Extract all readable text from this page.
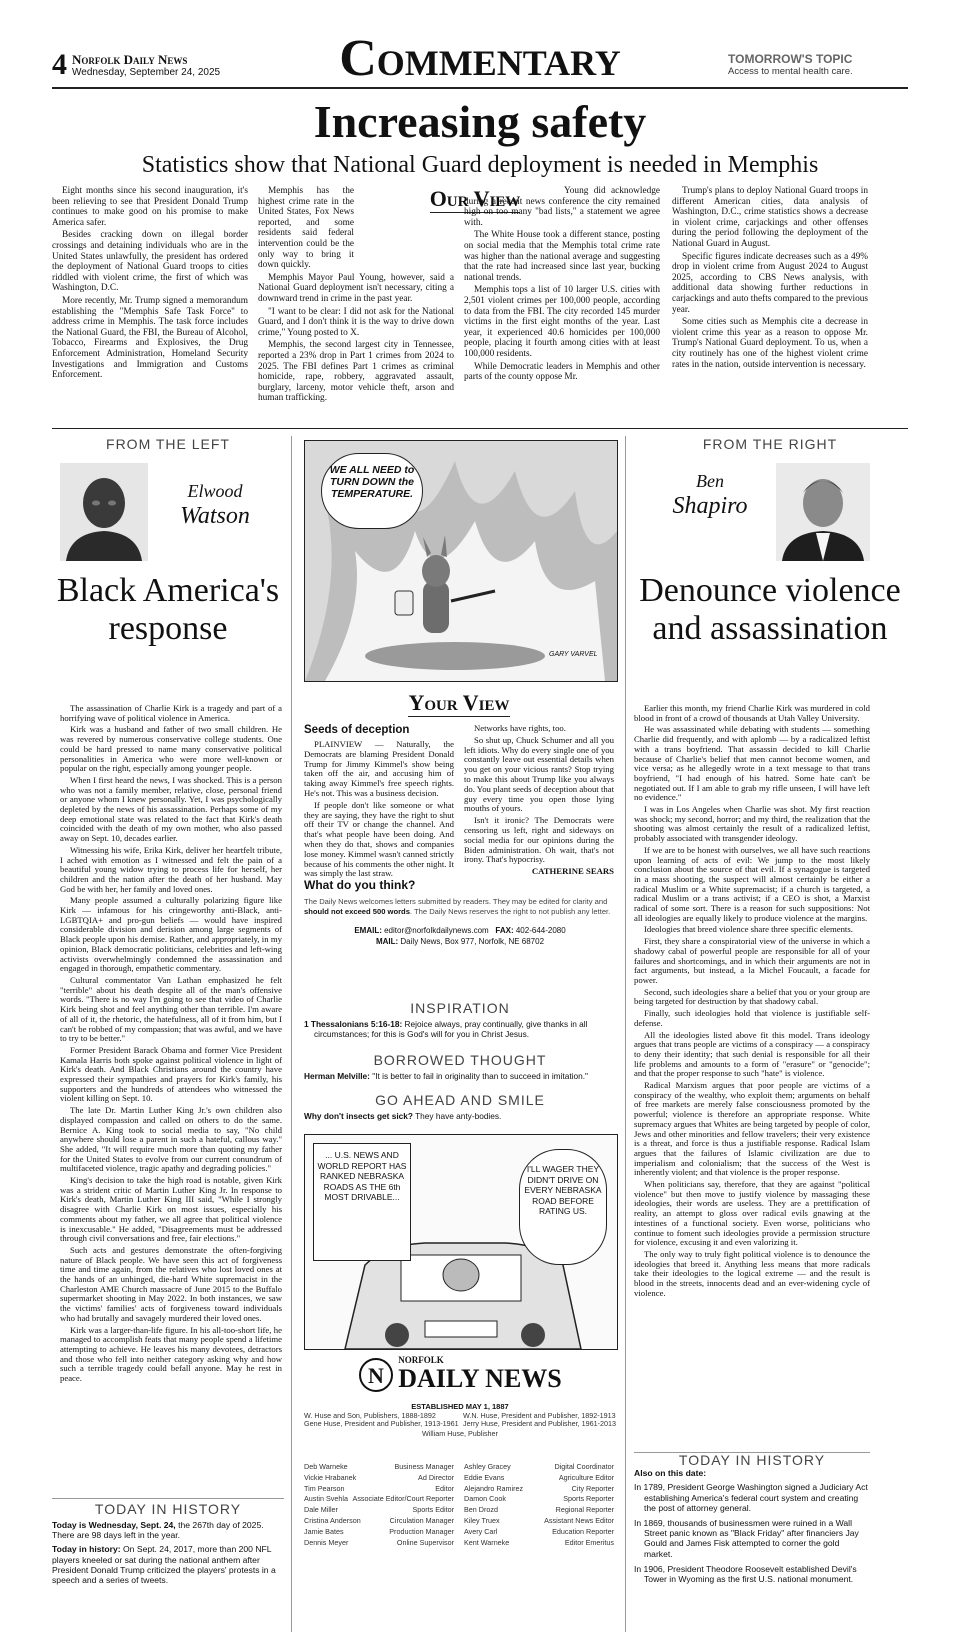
4 Norfolk Daily News
Wednesday, September 24, 2025	Commentary	TOMORROW'S TOPIC
Access to mental health care.
Increasing safety
Statistics show that National Guard deployment is needed in Memphis

Eight months since his second inauguration, it's been relieving to see that President Donald Trump continues to make good on his promise to make America safer.

Besides cracking down on illegal border crossings and detaining individuals who are in the United States unlawfully, the president has ordered the deployment of National Guard troops to cities riddled with violent crime, the first of which was Washington, D.C.

More recently, Mr. Trump signed a memorandum establishing the "Memphis Safe Task Force" to address crime in Memphis. The task force includes the National Guard, the FBI, the Bureau of Alcohol, Tobacco, Firearms and Explosives, the Drug Enforcement Administration, Homeland Security Investigations and Immigration and Customs Enforcement.

Memphis has the highest crime rate in the United States, Fox News reported, and some residents said federal intervention could be the only way to bring it down quickly.

Memphis Mayor Paul Young, however, said a National Guard deployment isn't necessary, citing a downward trend in crime in the past year.

"I want to be clear: I did not ask for the National Guard, and I don't think it is the way to drive down crime," Young posted to X.

Memphis, the second largest city in Tennessee, reported a 23% drop in Part 1 crimes from 2024 to 2025. The FBI defines Part 1 crimes as criminal homicide, rape, robbery, aggravated assault, burglary, larceny, motor vehicle theft, arson and human trafficking.

Our View	Young did acknowledge during a recent news conference the city remained high on too many "bad lists," a statement we agree with.

The White House took a different stance, posting on social media that the Memphis total crime rate was higher than the national average and suggesting that the rate had increased since last year, bucking national trends.

Memphis tops a list of 10 larger U.S. cities with 2,501 violent crimes per 100,000 people, according to data from the FBI. The city recorded 145 murder victims in the first eight months of the year. Last year, it experienced 40.6 homicides per 100,000 people, placing it fourth among cities with at least 100,000 residents.

While Democratic leaders in Memphis and other parts of the county oppose Mr.

Trump's plans to deploy National Guard troops in different American cities, data analysis of Washington, D.C., crime statistics shows a decrease in violent crime, carjackings and other offenses during the period following the deployment of the National Guard in August.

Specific figures indicate decreases such as a 49% drop in violent crime from August 2024 to August 2025, according to CBS News analysis, with additional data showing further reductions in carjackings and auto thefts compared to the previous year.

Some cities such as Memphis cite a decrease in violent crime this year as a reason to oppose Mr. Trump's National Guard deployment. To us, when a city routinely has one of the highest violent crime rates in the nation, outside intervention is necessary.

FROM THE LEFT
Elwood
Watson
Black America's response

The assassination of Charlie Kirk is a tragedy and part of a horrifying wave of political violence in America.

Kirk was a husband and father of two small children. He was revered by numerous conservative college students. One could be hard pressed to name many conservative political personalities in America who were more well-known or popular on the right, especially among younger people.

When I first heard the news, I was shocked. This is a person who was not a family member, relative, close, personal friend or anyone whom I knew personally. Yet, I was psychologically depleted by the news of his assassination. Perhaps some of my deep emotional state was related to the fact that Kirk's death coincided with the death of my own mother, who also passed away on Sept. 10, decades earlier.

Witnessing his wife, Erika Kirk, deliver her heartfelt tribute, I ached with emotion as I witnessed and felt the pain of a beautiful young widow trying to process life for herself, her children and the nation after the death of her husband. May God be with her, her family and loved ones.

Many people assumed a culturally polarizing figure like Kirk — infamous for his cringeworthy anti-Black, anti-LGBTQIA+ and pro-gun beliefs — would have inspired considerable division and derision among large segments of Black people upon his demise. Rather, and appropriately, in my opinion, Black democratic politicians, celebrities and left-wing activists overwhelmingly condemned the assassination and engaged in thorough, empathetic commentary.

Cultural commentator Van Lathan emphasized he felt "terrible" about his death despite all of the man's offensive words. "There is no way I'm going to see that video of Charlie Kirk being shot and feel anything other than terrible. I'm aware of all of it, the rhetoric, the hatefulness, all of it from him, but I can't be robbed of my compassion; that was awful, and we have to try to be better."

Former President Barack Obama and former Vice President Kamala Harris both spoke against political violence in light of Kirk's death. And Black Christians around the country have expressed their sympathies and prayers for Kirk's family, his supporters and the hundreds of attendees who witnessed the violent killing on Sept. 10.

The late Dr. Martin Luther King Jr.'s own children also displayed compassion and called on others to do the same. Bernice A. King took to social media to say, "No child anywhere should lose a parent in such a hateful, callous way." She added, "It will require much more than quoting my father for the United States to evolve from our current conundrum of multifaceted violence, tragic apathy and degrading policies."

King's decision to take the high road is notable, given Kirk was a strident critic of Martin Luther King Jr. In response to Kirk's death, Martin Luther King III said, "While I strongly disagree with Charlie Kirk on most issues, especially his comments about my father, we all agree that political violence is inexcusable." He added, "Disagreements must be addressed through civil conversations and free, fair elections."

Such acts and gestures demonstrate the often-forgiving nature of Black people. We have seen this act of forgiveness time and time again, from the relatives who lost loved ones at the hands of an unhinged, die-hard White supremacist in the Charleston AME Church massacre of June 2015 to the Buffalo supermarket shooting in May 2022. In both instances, we saw the victims' families' acts of forgiveness toward individuals who had brutally and savagely murdered their loved ones.

Kirk was a larger-than-life figure. In his all-too-short life, he managed to accomplish feats that many people spend a lifetime attempting to achieve. He leaves his many devotees, detractors and those who fell into neither category asking why and how such a terrible tragedy could befall anyone. May he rest in peace.

TODAY IN HISTORY
Today is Wednesday, Sept. 24, the 267th day of 2025. There are 98 days left in the year.
Today in history: On Sept. 24, 2017, more than 200 NFL players kneeled or sat during the national anthem after President Donald Trump criticized the players' protests in a speech and a series of tweets.
WE ALL NEED to TURN DOWN the TEMPERATURE.
GARY VARVEL
Your View
Seeds of deception

PLAINVIEW — Naturally, the Democrats are blaming President Donald Trump for Jimmy Kimmel's show being taken off the air, and accusing him of taking away Kimmel's free speech rights. He's not. This was a business decision.

If people don't like someone or what they are saying, they have the right to shut off their TV or change the channel. And that's what people have been doing. And when they do that, shows and companies lose money. Kimmel wasn't canned strictly because of his comments the other night. It was simply the last straw.

Networks have rights, too.

So shut up, Chuck Schumer and all you left idiots. Why do every single one of you constantly leave out essential details when you get on your vicious rants? Stop trying to make this about Trump like you always do. You plant seeds of deception about that guy every time you open those lying mouths of yours.

Isn't it ironic? The Democrats were censoring us left, right and sideways on social media for our opinions during the Biden administration. Oh wait, that's not irony. That's hypocrisy.

CATHERINE SEARS
What do you think?
The Daily News welcomes letters submitted by readers. They may be edited for clarity and should not exceed 500 words. The Daily News reserves the right to not publish any letter.
EMAIL: editor@norfolkdailynews.com FAX: 402-644-2080
MAIL: Daily News, Box 977, Norfolk, NE 68702
INSPIRATION
1 Thessalonians 5:16-18: Rejoice always, pray continually, give thanks in all circumstances; for this is God's will for you in Christ Jesus.
BORROWED THOUGHT
Herman Melville: "It is better to fail in originality than to succeed in imitation."
GO AHEAD AND SMILE
Why don't insects get sick? They have anty-bodies.
... U.S. NEWS AND WORLD REPORT HAS RANKED NEBRASKA ROADS AS THE 6th MOST DRIVABLE...
I'LL WAGER THEY DIDN'T DRIVE ON EVERY NEBRASKA ROAD BEFORE RATING US.
N
NORFOLK
DAILY NEWS
ESTABLISHED MAY 1, 1887
W. Huse and Son, Publishers, 1888-1892
Gene Huse, President and Publisher, 1913-1961
W.N. Huse, President and Publisher, 1892-1913
Jerry Huse, President and Publisher, 1961-2013
William Huse, Publisher
Deb Warneke	Business Manager
Vickie Hrabanek	Ad Director
Tim Pearson	Editor
Austin Svehla Associate Editor/Court Reporter
Dale Miller	Sports Editor
Cristina Anderson	Circulation Manager
Jamie Bates	Production Manager
Dennis Meyer	Online Supervisor
Ashley Gracey	Digital Coordinator
Eddie Evans	Agriculture Editor
Alejandro Ramirez	City Reporter
Damon Cook	Sports Reporter
Ben Drozd	Regional Reporter
Kiley Truex	Assistant News Editor
Avery Carl	Education Reporter
Kent Warneke	Editor Emeritus
FROM THE RIGHT
Ben
Shapiro
Denounce violence and assassination

Earlier this month, my friend Charlie Kirk was murdered in cold blood in front of a crowd of thousands at Utah Valley University.

He was assassinated while debating with students — something Charlie did frequently, and with aplomb — by a radicalized leftist with a trans boyfriend. That assassin decided to kill Charlie because of Charlie's belief that men cannot become women, and vice versa; as he allegedly wrote in a text message to that trans boyfriend, "I had enough of his hatred. Some hate can't be negotiated out. If I am able to grab my rifle unseen, I will have left no evidence."

I was in Los Angeles when Charlie was shot. My first reaction was shock; my second, horror; and my third, the realization that the shooting was almost certainly the result of a radicalized leftist, probably associated with transgender ideology.

If we are to be honest with ourselves, we all have such reactions upon learning of acts of evil: We jump to the most likely conclusion about the source of that evil. If a synagogue is targeted in a mass shooting, the suspect will almost certainly be either a radical Muslim or a White supremacist; if a church is targeted, a radical Muslim or a trans activist; if a CEO is shot, a Marxist radical of some sort. There is a reason for such suppositions: Not all ideologies are equally likely to produce violence at the margins.

Ideologies that breed violence share three specific elements.

First, they share a conspiratorial view of the universe in which a shadowy cabal of powerful people are responsible for all of your failures and shortcomings, and in which their arguments are not in fact arguments, but instead, a la Michel Foucault, a facade for power.

Second, such ideologies share a belief that you or your group are being targeted for destruction by that shadowy cabal.

Finally, such ideologies hold that violence is justifiable self-defense.

All the ideologies listed above fit this model. Trans ideology argues that trans people are victims of a conspiracy — a conspiracy to deny their identity; that such denial is responsible for all their life problems and amounts to a form of "erasure" or "genocide"; and that the proper response to such "hate" is violence.

Radical Marxism argues that poor people are victims of a conspiracy of the wealthy, who exploit them; arguments on behalf of free markets are merely false consciousness promoted by the powerful; violence is therefore an appropriate response. White supremacy argues that Whites are being targeted by people of color, Jews and other minorities and fellow travelers; their very existence is a threat, and force is thus a justifiable response. Radical Islam argues that the failures of Islamic civilization are due to imperialism and colonialism; that the success of the West is inherently violent; and that violence is the proper response.

When politicians say, therefore, that they are against "political violence" but then move to justify violence by massaging these ideologies, their words are useless. They are a prettification of reality, an attempt to gloss over radical evils gnawing at the intestines of a functional society. Even worse, politicians who continue to foment such ideologies provide a permission structure for violence, excusing it and even valorizing it.

The only way to truly fight political violence is to denounce the ideologies that breed it. Anything less means that more radicals take their ideologies to the logical extreme — and the result is blood in the streets, innocents dead and an ever-widening cycle of violence.

TODAY IN HISTORY
Also on this date:

In 1789, President George Washington signed a Judiciary Act establishing America's federal court system and creating the post of attorney general.

In 1869, thousands of businessmen were ruined in a Wall Street panic known as "Black Friday" after financiers Jay Gould and James Fisk attempted to corner the gold market.

In 1906, President Theodore Roosevelt established Devil's Tower in Wyoming as the first U.S. national monument.
